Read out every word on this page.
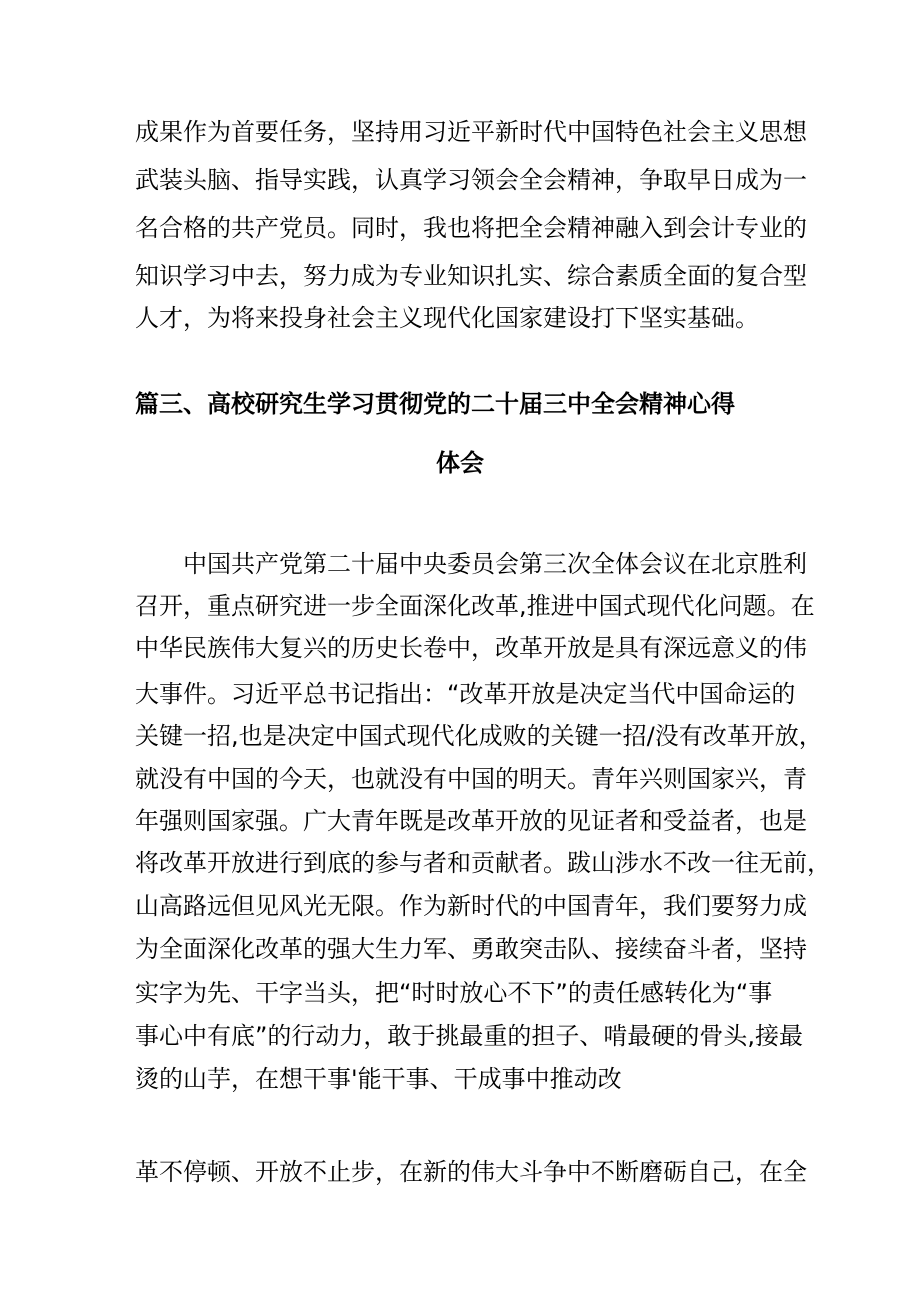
成果作为首要任务，坚持用习近平新时代中国特色社会主义思想
武装头脑、指导实践，认真学习领会全会精神，争取早日成为一
名合格的共产党员。同时，我也将把全会精神融入到会计专业的
知识学习中去，努力成为专业知识扎实、综合素质全面的复合型
人才，为将来投身社会主义现代化国家建设打下坚实基础。
篇三、高校研究生学习贯彻党的二十届三中全会精神心得
体会
中国共产党第二十届中央委员会第三次全体会议在北京胜利
召开，重点研究进一步全面深化改革,推进中国式现代化问题。在
中华民族伟大复兴的历史长卷中，改革开放是具有深远意义的伟
大事件。习近平总书记指出：“改革开放是决定当代中国命运的
关键一招,也是决定中国式现代化成败的关键一招∕没有改革开放，
就没有中国的今天，也就没有中国的明天。青年兴则国家兴，青
年强则国家强。广大青年既是改革开放的见证者和受益者，也是
将改革开放进行到底的参与者和贡献者。跋山涉水不改一往无前，
山高路远但见风光无限。作为新时代的中国青年，我们要努力成
为全面深化改革的强大生力军、勇敢突击队、接续奋斗者，坚持
实字为先、干字当头，把“时时放心不下”的责任感转化为“事
事心中有底”的行动力，敢于挑最重的担子、啃最硬的骨头,接最
烫的山芋，在想干事'能干事、干成事中推动改
革不停顿、开放不止步，在新的伟大斗争中不断磨砺自己，在全
